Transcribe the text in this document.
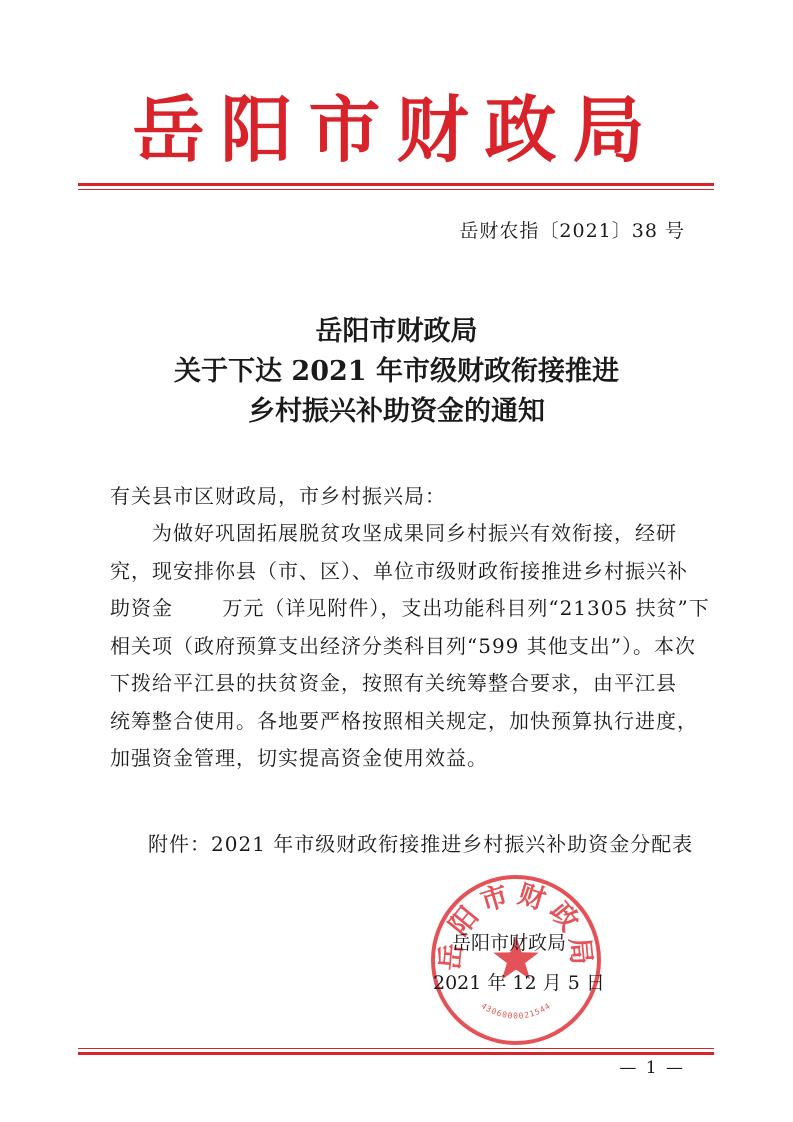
岳阳市财政局
岳财农指〔2021〕38 号
岳阳市财政局
关于下达 2021 年市级财政衔接推进
乡村振兴补助资金的通知
有关县市区财政局，市乡村振兴局：
　　为做好巩固拓展脱贫攻坚成果同乡村振兴有效衔接，经研
究，现安排你县（市、区）、单位市级财政衔接推进乡村振兴补
助资金　　 万元（详见附件），支出功能科目列“21305 扶贫”下
相关项（政府预算支出经济分类科目列“599 其他支出”）。本次
下拨给平江县的扶贫资金，按照有关统筹整合要求，由平江县
统筹整合使用。各地要严格按照相关规定，加快预算执行进度，
加强资金管理，切实提高资金使用效益。
附件：2021 年市级财政衔接推进乡村振兴补助资金分配表
岳阳市财政局
4306000021544
岳阳市财政局
2021 年 12 月 5 日
— 1 —
